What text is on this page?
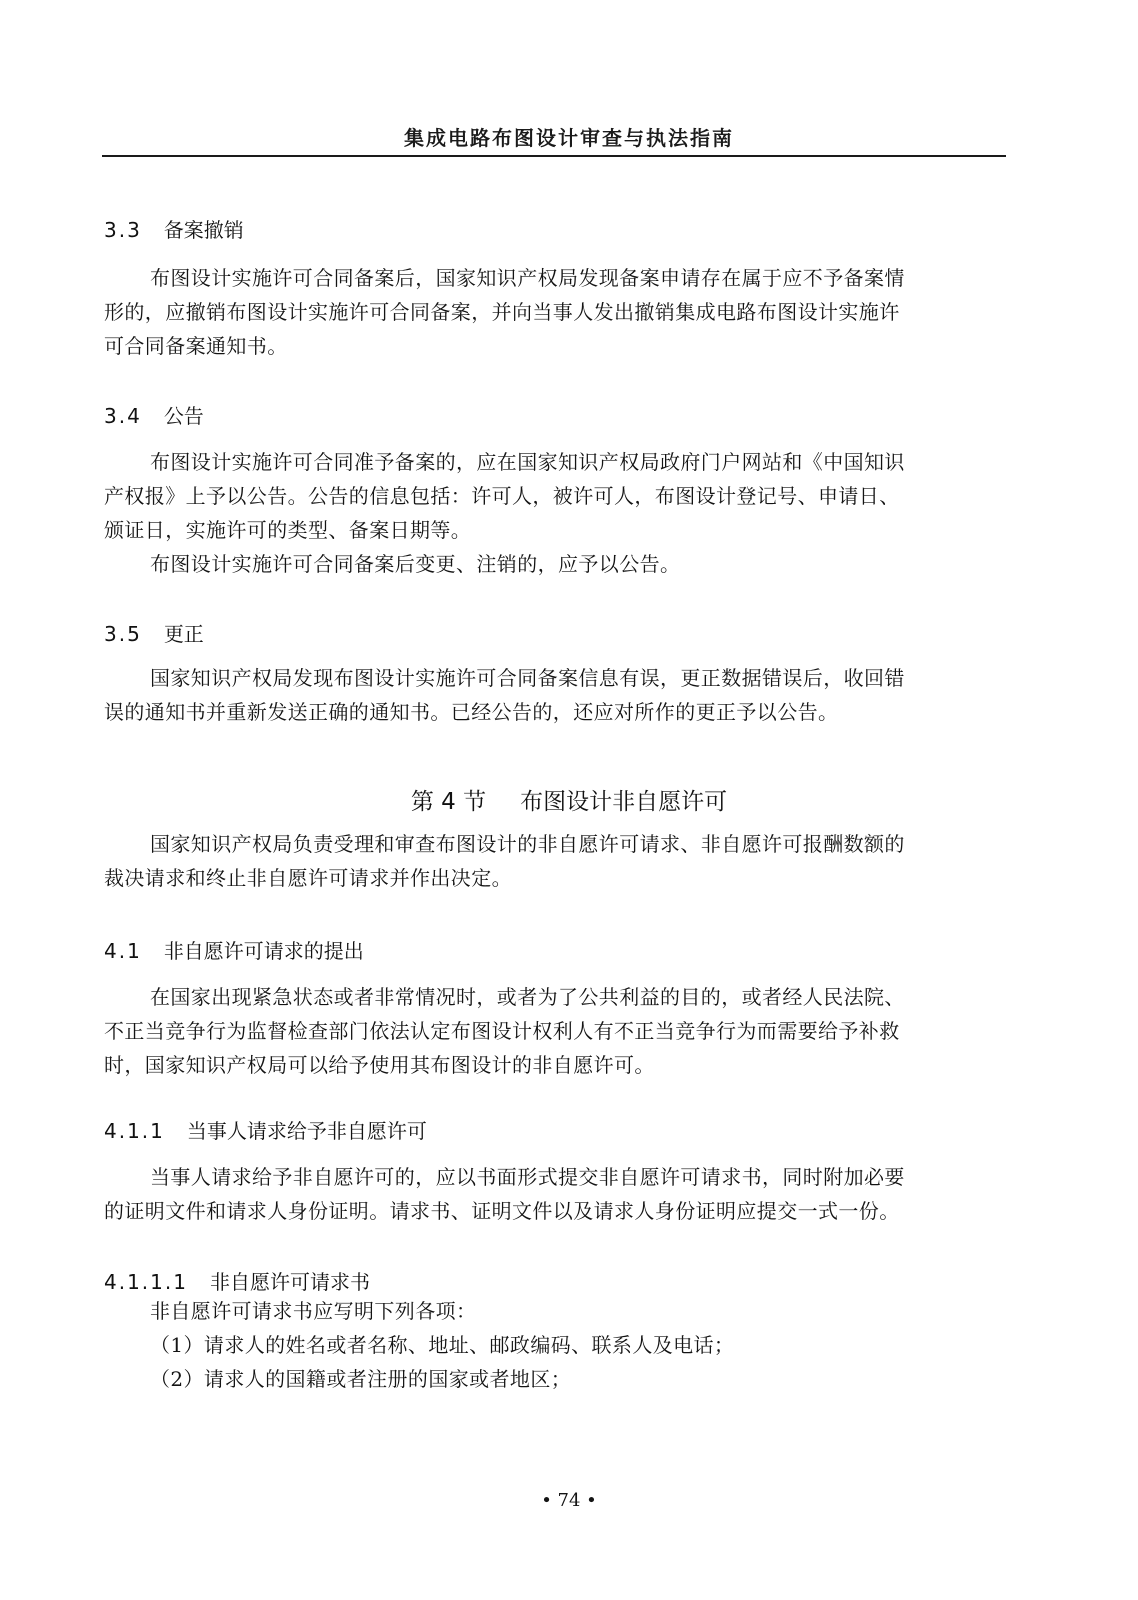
集成电路布图设计审查与执法指南
3.3 备案撤销
布图设计实施许可合同备案后，国家知识产权局发现备案申请存在属于应不予备案情
形的，应撤销布图设计实施许可合同备案，并向当事人发出撤销集成电路布图设计实施许
可合同备案通知书。
3.4 公告
布图设计实施许可合同准予备案的，应在国家知识产权局政府门户网站和《中国知识
产权报》上予以公告。公告的信息包括：许可人，被许可人，布图设计登记号、申请日、
颁证日，实施许可的类型、备案日期等。
布图设计实施许可合同备案后变更、注销的，应予以公告。
3.5 更正
国家知识产权局发现布图设计实施许可合同备案信息有误，更正数据错误后，收回错
误的通知书并重新发送正确的通知书。已经公告的，还应对所作的更正予以公告。
第 4 节 布图设计非自愿许可
国家知识产权局负责受理和审查布图设计的非自愿许可请求、非自愿许可报酬数额的
裁决请求和终止非自愿许可请求并作出决定。
4.1 非自愿许可请求的提出
在国家出现紧急状态或者非常情况时，或者为了公共利益的目的，或者经人民法院、
不正当竞争行为监督检查部门依法认定布图设计权利人有不正当竞争行为而需要给予补救
时，国家知识产权局可以给予使用其布图设计的非自愿许可。
4.1.1 当事人请求给予非自愿许可
当事人请求给予非自愿许可的，应以书面形式提交非自愿许可请求书，同时附加必要
的证明文件和请求人身份证明。请求书、证明文件以及请求人身份证明应提交一式一份。
4.1.1.1 非自愿许可请求书
非自愿许可请求书应写明下列各项：
（1）请求人的姓名或者名称、地址、邮政编码、联系人及电话；
（2）请求人的国籍或者注册的国家或者地区；
• 74 •
